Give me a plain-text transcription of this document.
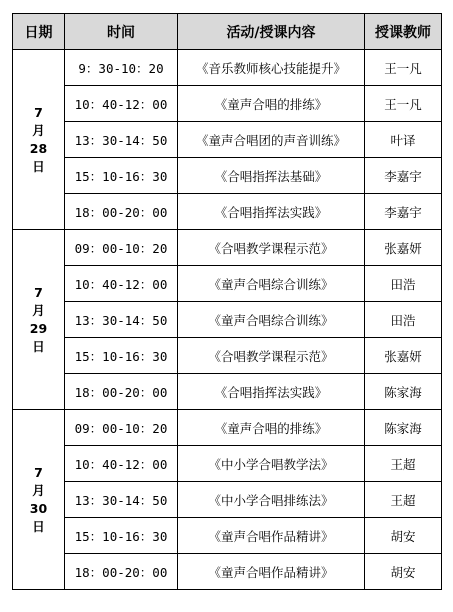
日期	时间	活动/授课内容	授课教师

7
月
28
日	9：30-10：20	《音乐教师核心技能提升》	王一凡
	10：40-12：00	《童声合唱的排练》	王一凡
	13：30-14：50	《童声合唱团的声音训练》	叶译
	15：10-16：30	《合唱指挥法基础》	李嘉宇
	18：00-20：00	《合唱指挥法实践》	李嘉宇

7
月
29
日	09：00-10：20	《合唱教学课程示范》	张嘉妍
	10：40-12：00	《童声合唱综合训练》	田浩
	13：30-14：50	《童声合唱综合训练》	田浩
	15：10-16：30	《合唱教学课程示范》	张嘉妍
	18：00-20：00	《合唱指挥法实践》	陈家海

7
月
30
日	09：00-10：20	《童声合唱的排练》	陈家海
	10：40-12：00	《中小学合唱教学法》	王超
	13：30-14：50	《中小学合唱排练法》	王超
	15：10-16：30	《童声合唱作品精讲》	胡安
	18：00-20：00	《童声合唱作品精讲》	胡安
